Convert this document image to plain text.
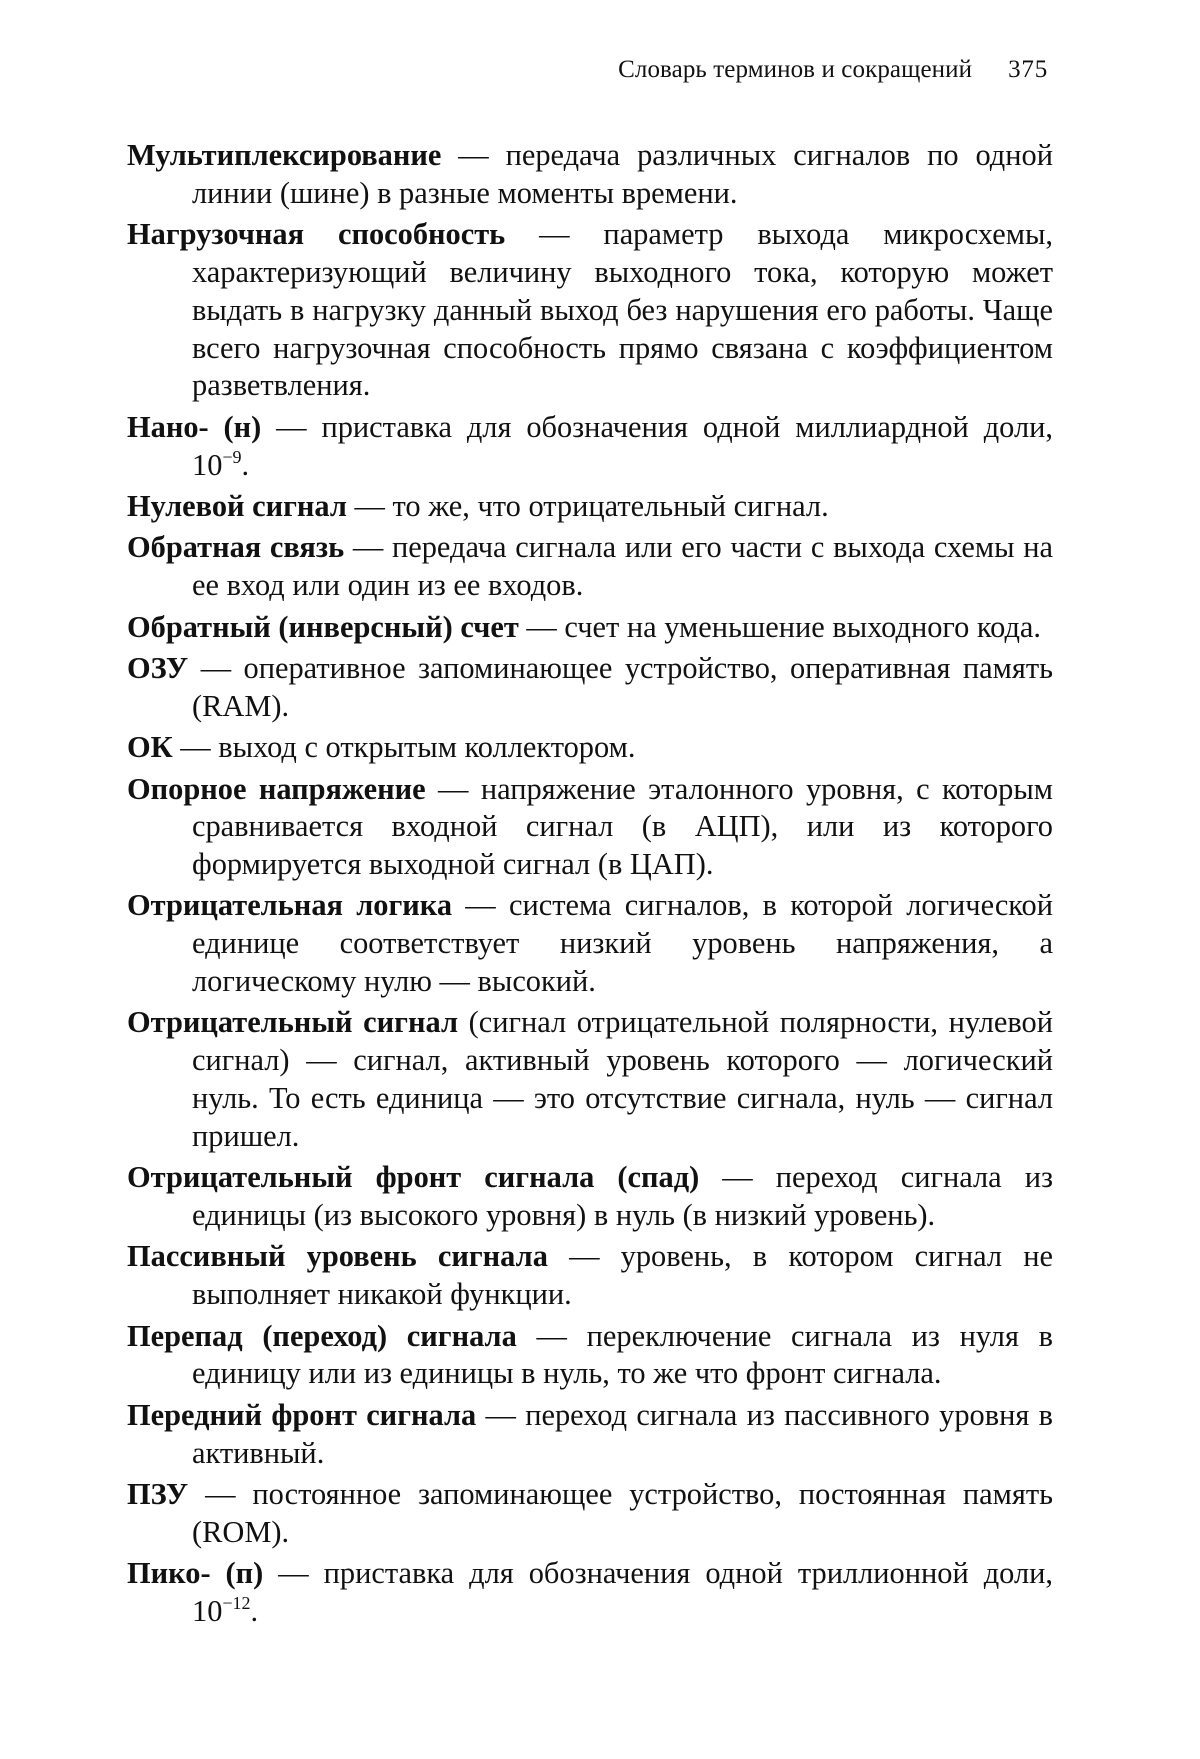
Словарь терминов и сокращений 375

Мультиплексирование — передача различных сигналов по одной линии (шине) в разные моменты времени.

Нагрузочная способность — параметр выхода микросхемы, характеризующий величину выходного тока, которую может выдать в нагрузку данный выход без нарушения его работы. Чаще всего нагрузочная способность прямо связана с коэффициентом разветвления.

Нано- (н) — приставка для обозначения одной миллиардной доли, $10^{-9}$.

Нулевой сигнал — то же, что отрицательный сигнал.

Обратная связь — передача сигнала или его части с выхода схемы на ее вход или один из ее входов.

Обратный (инверсный) счет — счет на уменьшение выходного кода.

ОЗУ — оперативное запоминающее устройство, оперативная память (RAM).

ОК — выход с открытым коллектором.

Опорное напряжение — напряжение эталонного уровня, с которым сравнивается входной сигнал (в АЦП), или из которого формируется выходной сигнал (в ЦАП).

Отрицательная логика — система сигналов, в которой логической единице соответствует низкий уровень напряжения, а логическому нулю — высокий.

Отрицательный сигнал (сигнал отрицательной полярности, нулевой сигнал) — сигнал, активный уровень которого — логический нуль. То есть единица — это отсутствие сигнала, нуль — сигнал пришел.

Отрицательный фронт сигнала (спад) — переход сигнала из единицы (из высокого уровня) в нуль (в низкий уровень).

Пассивный уровень сигнала — уровень, в котором сигнал не выполняет никакой функции.

Перепад (переход) сигнала — переключение сигнала из нуля в единицу или из единицы в нуль, то же что фронт сигнала.

Передний фронт сигнала — переход сигнала из пассивного уровня в активный.

ПЗУ — постоянное запоминающее устройство, постоянная память (ROM).

Пико- (п) — приставка для обозначения одной триллионной доли, $10^{-12}$.
